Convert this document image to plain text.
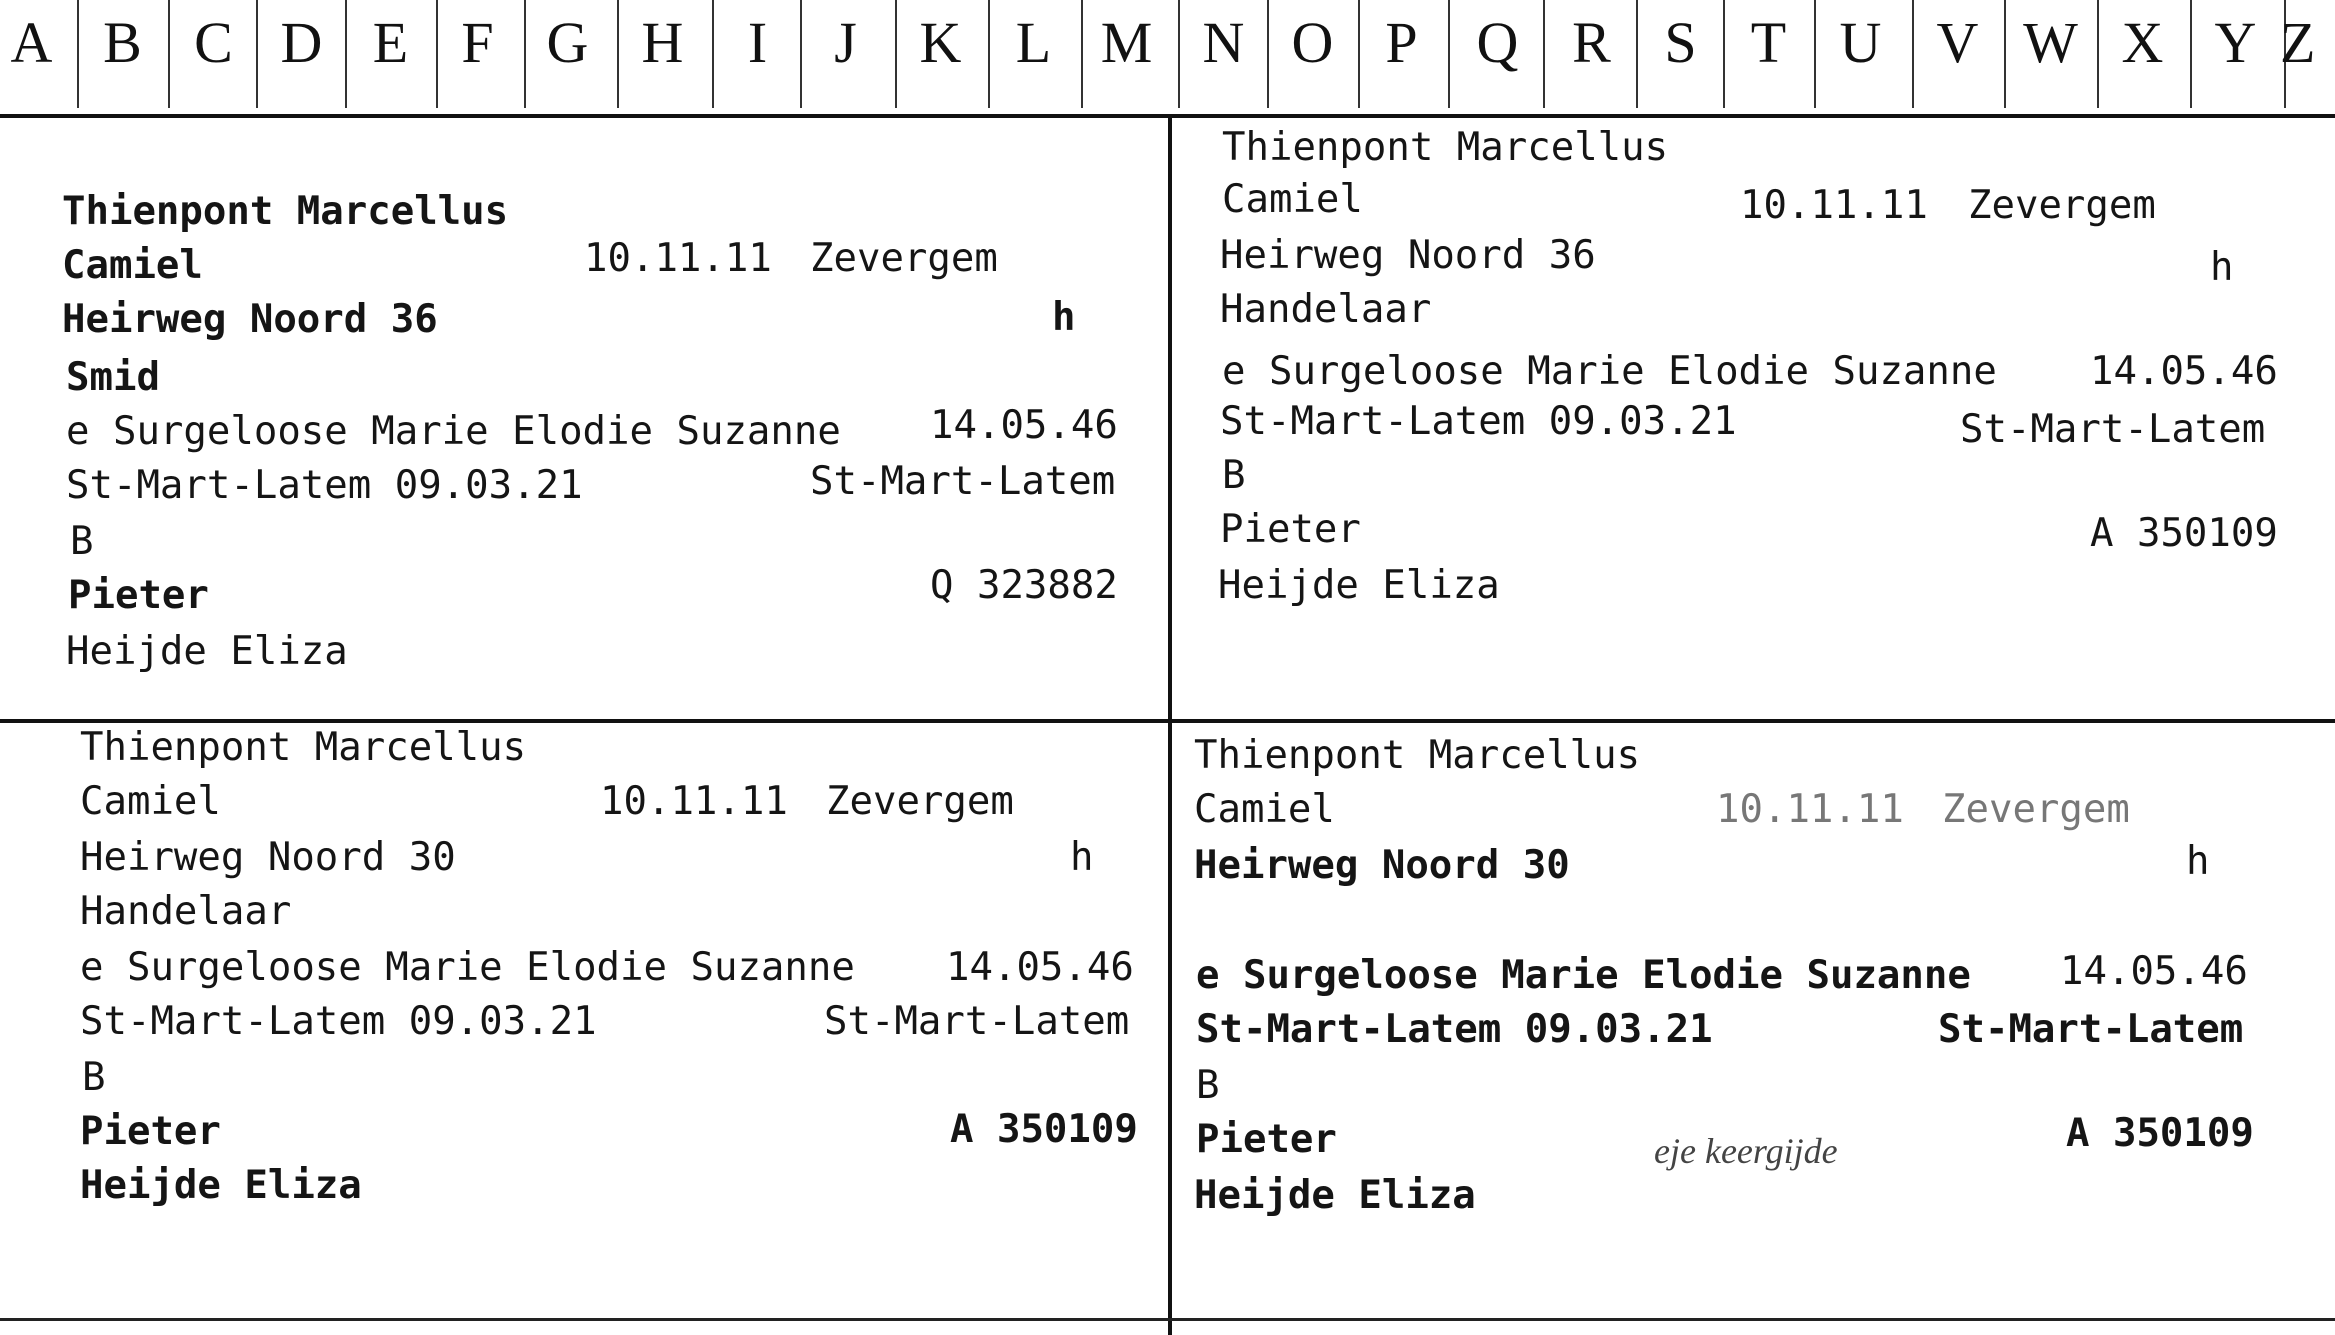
A B C D E F G H	I	J	K L M N O P	Q R S T U V W X Y Z
Thienpont Marcellus
Camiel	10.11.11 Zevergem
Heirweg Noord 36	h
Smid
e Surgeloose Marie Elodie Suzanne 14.05.46
St-Mart-Latem 09.03.21	St-Mart-Latem
B
Pieter	Q 323882
Heijde Eliza
Thienpont Marcellus
Camiel	10.11.11 Zevergem
Heirweg Noord 36	h
Handelaar
e Surgeloose Marie Elodie Suzanne 14.05.46
St-Mart-Latem 09.03.21	St-Mart-Latem
B
Pieter	A 350109
Heijde Eliza
Thienpont Marcellus
Camiel	10.11.11 Zevergem
Heirweg Noord 30	h
Handelaar
e Surgeloose Marie Elodie Suzanne 14.05.46
St-Mart-Latem 09.03.21	St-Mart-Latem
B
Pieter	A 350109
Heijde Eliza
Thienpont Marcellus
Camiel	10.11.11 Zevergem
Heirweg Noord 30	h
e Surgeloose Marie Elodie Suzanne 14.05.46
St-Mart-Latem 09.03.21	St-Mart-Latem
B
Pieter	eje keergijde	A 350109
Heijde Eliza
